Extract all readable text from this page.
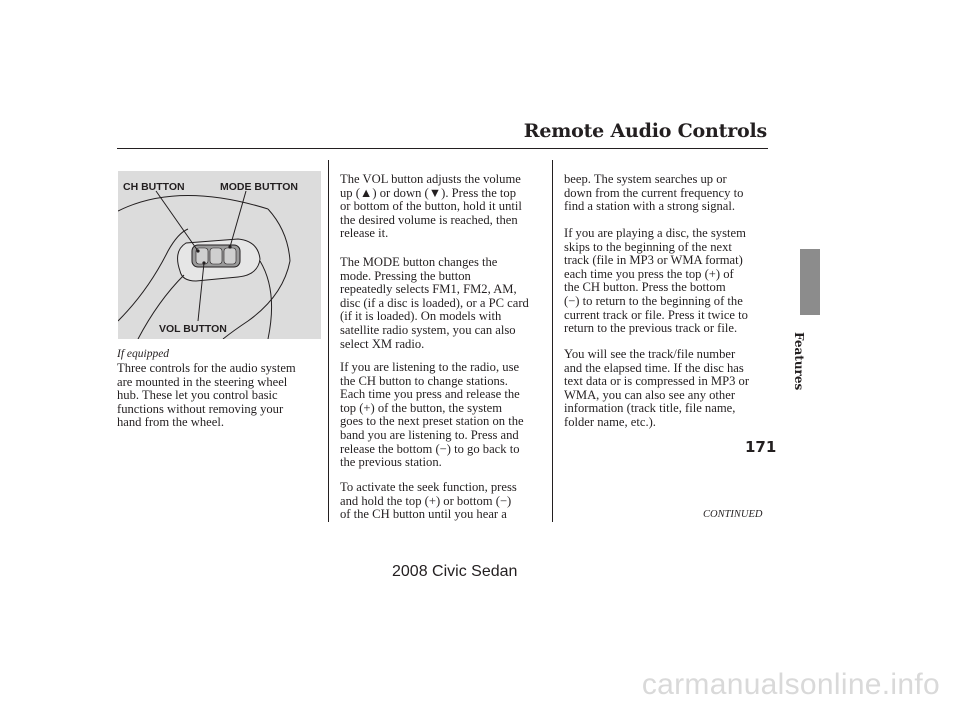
Remote Audio Controls
Features
CH BUTTON	MODE BUTTON
VOL BUTTON
If equipped
Three controls for the audio system
are mounted in the steering wheel
hub. These let you control basic
functions without removing your
hand from the wheel.
The VOL button adjusts the volume
up (▲) or down (▼). Press the top
or bottom of the button, hold it until
the desired volume is reached, then
release it.
The MODE button changes the
mode. Pressing the button
repeatedly selects FM1, FM2, AM,
disc (if a disc is loaded), or a PC card
(if it is loaded). On models with
satellite radio system, you can also
select XM radio.
If you are listening to the radio, use
the CH button to change stations.
Each time you press and release the
top (+) of the button, the system
goes to the next preset station on the
band you are listening to. Press and
release the bottom (−) to go back to
the previous station.
To activate the seek function, press
and hold the top (+) or bottom (−)
of the CH button until you hear a
beep. The system searches up or
down from the current frequency to
find a station with a strong signal.
If you are playing a disc, the system
skips to the beginning of the next
track (file in MP3 or WMA format)
each time you press the top (+) of
the CH button. Press the bottom
(−) to return to the beginning of the
current track or file. Press it twice to
return to the previous track or file.
You will see the track/file number
and the elapsed time. If the disc has
text data or is compressed in MP3 or
WMA, you can also see any other
information (track title, file name,
folder name, etc.).
CONTINUED
171
2008 Civic Sedan
carmanualsonline.info
